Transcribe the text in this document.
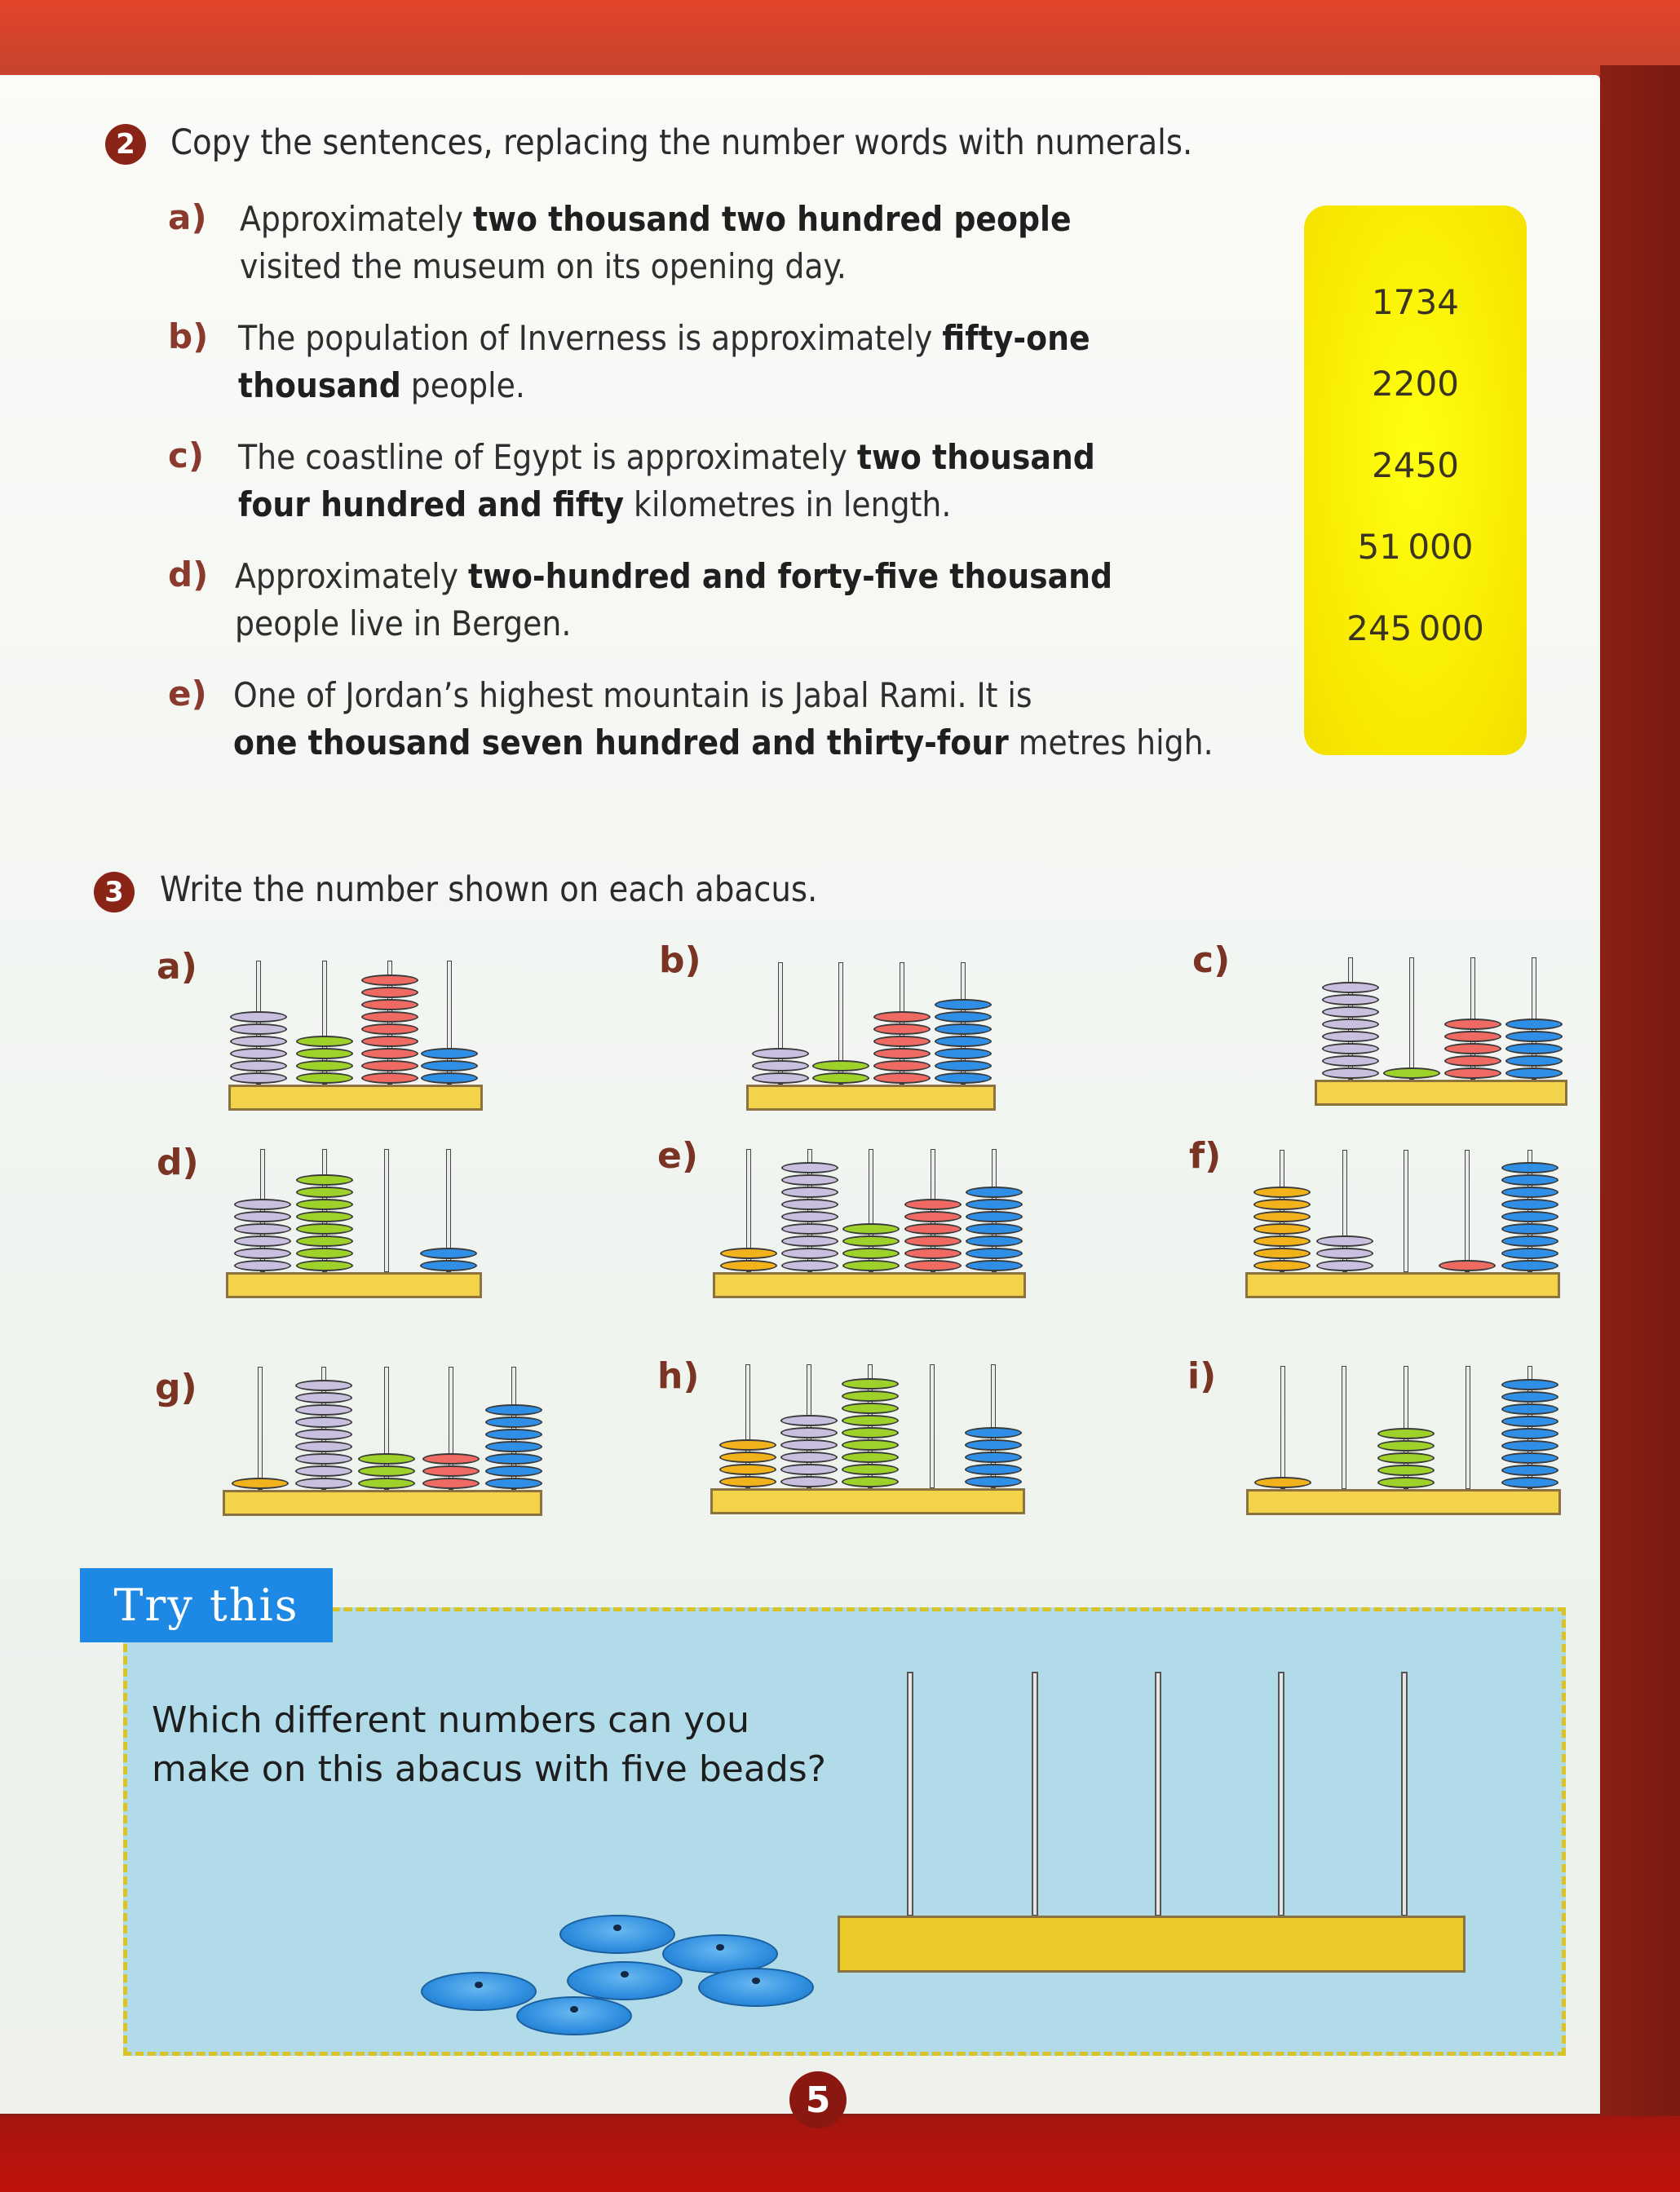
2 Copy the sentences, replacing the number words with numerals.
a) Approximately two thousand two hundred people
visited the museum on its opening day.
b) The population of Inverness is approximately fifty-one
thousand people.
c) The coastline of Egypt is approximately two thousand
four hundred and fifty kilometres in length.
d) Approximately two-hundred and forty-five thousand
people live in Bergen.
e) One of Jordan’s highest mountain is Jabal Rami. It is
one thousand seven hundred and thirty-four metres high.
1734
2200
2450
51 000
245 000
3 Write the number shown on each abacus.
a)	b)	c)
d)	e)	f)
g)	h)	i)
Try this
Which different numbers can you
make on this abacus with five beads?
5
